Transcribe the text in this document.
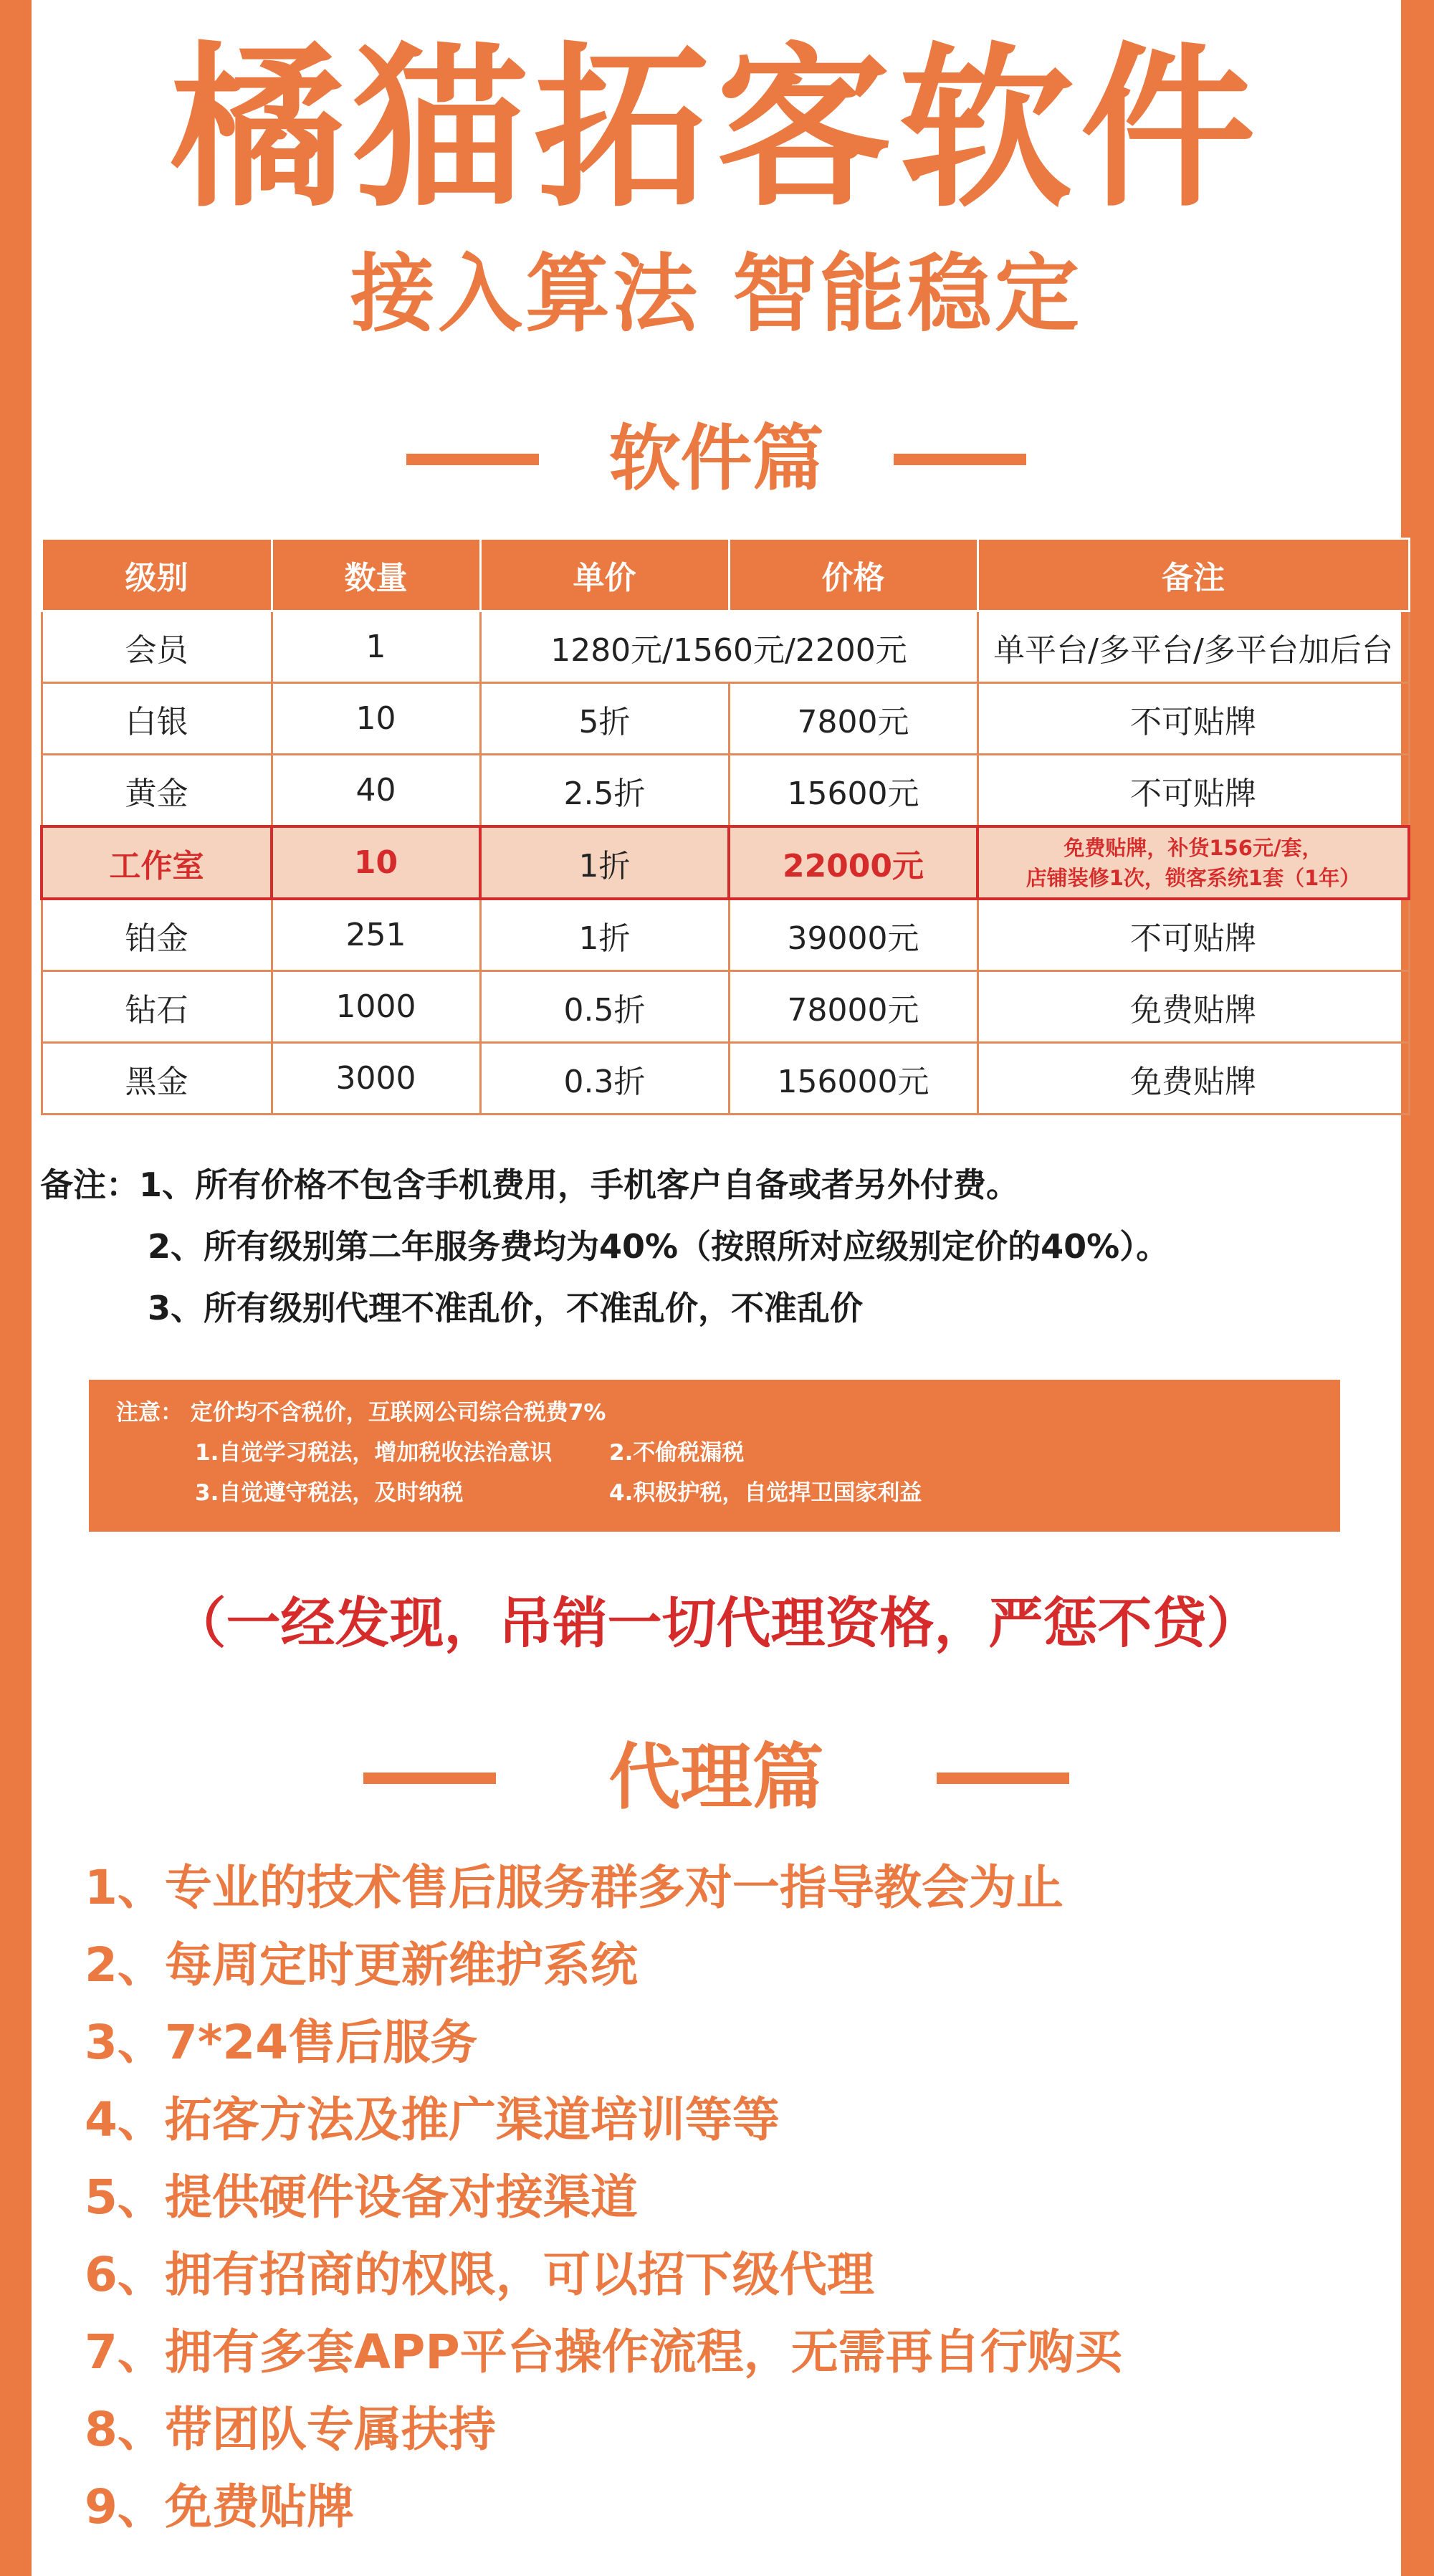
橘猫拓客软件
接入算法 智能稳定
软件篇
级别	数量	单价	价格	备注
会员	1	1280元/1560元/2200元		单平台/多平台/多平台加后台
白银	10	5折	7800元	不可贴牌
黄金	40	2.5折	15600元	不可贴牌
工作室	10	1折	22000元	免费贴牌，补货156元/套，
店铺装修1次，锁客系统1套（1年）

铂金	251	1折	39000元	不可贴牌
钻石	1000	0.5折	78000元	免费贴牌
黑金	3000	0.3折	156000元	免费贴牌
备注：1、所有价格不包含手机费用，手机客户自备或者另外付费。
2、所有级别第二年服务费均为40%（按照所对应级别定价的40%）。
3、所有级别代理不准乱价，不准乱价，不准乱价
注意： 定价均不含税价，互联网公司综合税费7%
1.自觉学习税法，增加税收法治意识	2.不偷税漏税
3.自觉遵守税法，及时纳税	4.积极护税，自觉捍卫国家利益
（一经发现，吊销一切代理资格，严惩不贷）
代理篇
1、专业的技术售后服务群多对一指导教会为止
2、每周定时更新维护系统
3、7*24售后服务
4、拓客方法及推广渠道培训等等
5、提供硬件设备对接渠道
6、拥有招商的权限，可以招下级代理
7、拥有多套APP平台操作流程，无需再自行购买
8、带团队专属扶持
9、免费贴牌
